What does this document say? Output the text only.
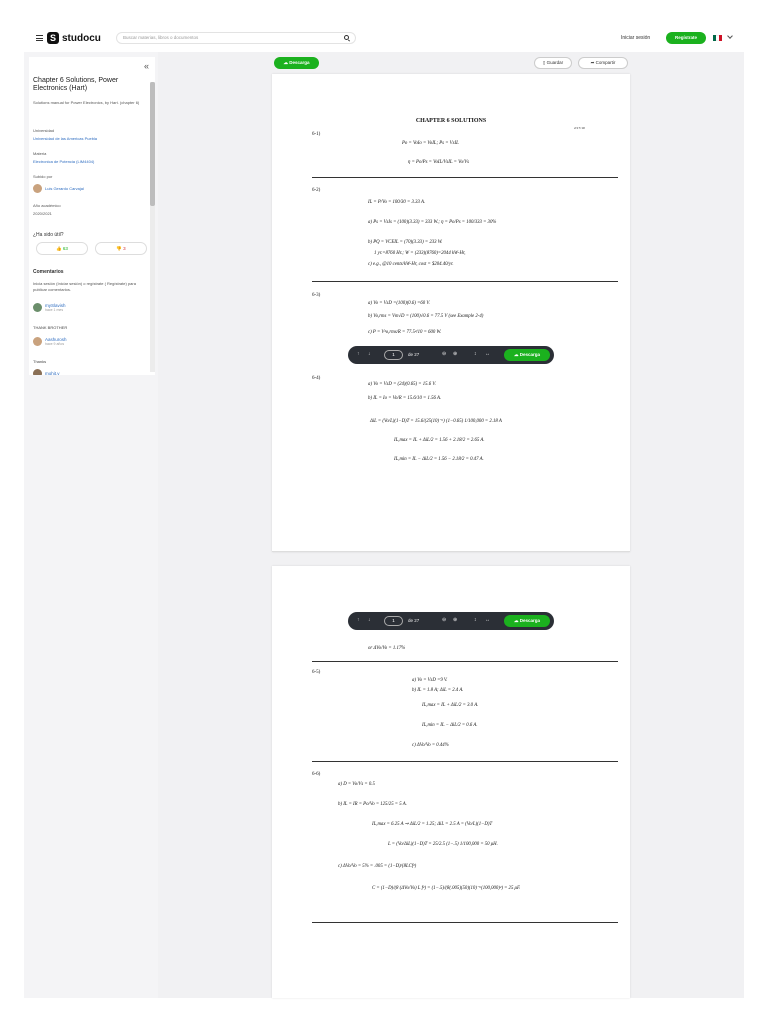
S studocu	Buscar materias, libros o documentos	Iniciar sesión	Regístrate
«
Chapter 6 Solutions, Power Electronics (Hart)
Solutions manual for Power Electronics, by Hart. (chapter 6)
Universidad
Universidad de las Americas Puebla
Materia
Electronica de Potencia (LIM4404)
Subido por
Luis Gerardo Carvajal
Año académico
2020/2021
¿Ha sido útil?
👍 63	👎 3
Comentarios
Inicia sesión (Iniciar sesión) o regístrate ( Regístrate) para publicar comentarios.
mySlavish
hace 1 mes
THANK BROTHER
Aashurosh
hace 9 años
Thanks
mohit.v
☁ Descarga	▯ Guardar	➦ Compartir
CHAPTER 6 SOLUTIONS
2/17/10
6-1)
Po = VoIo = VoIL; Ps = VsIL
η = Po/Ps = VoIL/VsIL = Vo/Vs
6-2)
IL = P/Vo = 100/30 = 3.33 A.
a) Ps = VsIs = (100)(3.33) = 333 W.; η = Po/Ps = 100/333 = 30%
b) PQ = VCEIL = (70)(3.33) = 233 W.
1 yr.=8760 Hr.; W = (233)(8760)=2044 kW-Hr,
c) e.g., @10 cents/kW-Hr, cost = $204.40/yr.
6-3)
a) Vo = VsD =(100)(0.6) =60 V.
b) Vo,rms = Vm√D = (100)√0.6 = 77.5 V (see Example 2-4)
c) P = V²o,rms/R = 77.5²/10 = 600 W.
6-4)
a) Vo = VsD = (24)(0.65) = 15.6 V.
b) IL = Io = Vo/R = 15.6/10 = 1.56 A.
ΔiL = (Vo/L)(1−D)T = 15.6/(25(10)⁻⁶) (1−0.65) 1/100,000 = 2.18 A
IL,max = IL + ΔiL/2 = 1.56 + 2.18/2 = 2.65 A.
IL,min = IL − ΔiL/2 = 1.56 − 2.18/2 = 0.47 A.
or ΔVo/Vo = 1.17%
6-5)
a) Vo = VsD =9 V.
b) IL = 1.8 A; ΔiL = 2.4 A.
IL,max = IL + ΔiL/2 = 3.0 A.
IL,min = IL − ΔiL/2 = 0.6 A.
c) ΔVo/Vo = 0.44%
6-6)
a) D = Vo/Vs = 0.5
b) IL = IR = Po/Vo = 125/25 = 5 A.
IL,max = 6.25 A ⇒ ΔiL/2 = 1.25; ΔiL = 2.5 A = (Vo/L)(1−D)T
L = (Vo/ΔiL)(1−D)T = 25/2.5 (1−.5) 1/100,000 = 50 μH.
c) ΔVo/Vo = 5% = .005 = (1−D)/(8LCf²)
C = (1−D)/(8 (ΔVo/Vo) L f²) = (1−.5)/(8(.005)(50)(10)⁻⁶(100,000)²) = 25 μF.
↑ ↓	1	de 27	⊖ ⊕	↕ ↔	☁ Descarga
↑ ↓	1	de 27	⊖ ⊕	↕ ↔	☁ Descarga
